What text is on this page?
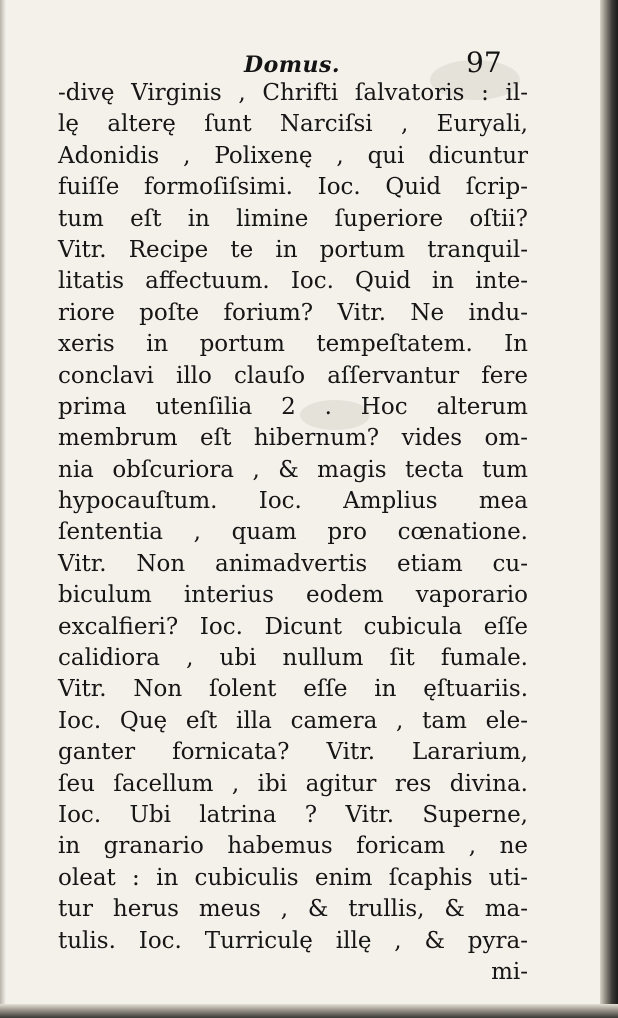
Domus.	97
-divę Virginis , Chrifti ſalvatoris : il-
lę alterę ſunt Narciſsi , Euryali,
Adonidis , Polixenę , qui dicuntur
fuiſſe formoſiſsimi. Ioc. Quid ſcrip-
tum eſt in limine ſuperiore oſtii?
Vitr. Recipe te in portum tranquil-
litatis affectuum. Ioc. Quid in inte-
riore poſte forium? Vitr. Ne indu-
xeris in portum tempeſtatem. In
conclavi illo clauſo aſſervantur fere
prima utenſilia 2 . Hoc alterum
membrum eſt hibernum? vides om-
nia obſcuriora , & magis tecta tum
hypocauſtum. Ioc. Amplius mea
ſententia , quam pro cœnatione.
Vitr. Non animadvertis etiam cu-
biculum interius eodem vaporario
excalfieri? Ioc. Dicunt cubicula eſſe
calidiora , ubi nullum ſit fumale.
Vitr. Non ſolent eſſe in ęſtuariis.
Ioc. Quę eſt illa camera , tam ele-
ganter fornicata? Vitr. Lararium,
ſeu ſacellum , ibi agitur res divina.
Ioc. Ubi latrina ? Vitr. Superne,
in granario habemus foricam , ne
oleat : in cubiculis enim ſcaphis uti-
tur herus meus , & trullis, & ma-
tulis. Ioc. Turriculę illę , & pyra-
mi-
